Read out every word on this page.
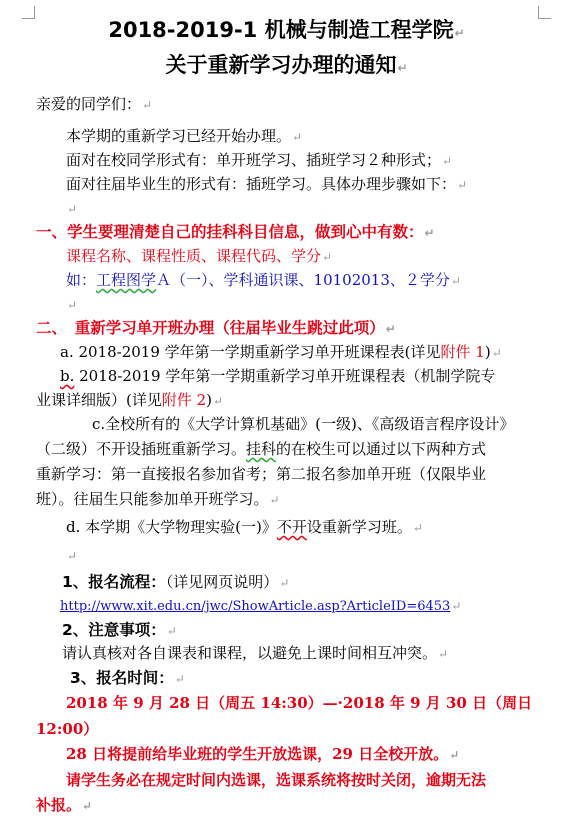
2018-2019-1 机械与制造工程学院↵
关于重新学习办理的通知↵
亲爱的同学们：↵
本学期的重新学习已经开始办理。↵
面对在校同学形式有：单开班学习、插班学习２种形式；↵
面对往届毕业生的形式有：插班学习。具体办理步骤如下：↵
↵
一、学生要理清楚自己的挂科科目信息，做到心中有数：↵
课程名称、课程性质、课程代码、学分↵
如：工程图学Ａ（一）、学科通识课、10102013、２学分↵
↵
二、　重新学习单开班办理（往届毕业生跳过此项）↵
a. 2018-2019 学年第一学期重新学习单开班课程表(详见附件 1)↵
b. 2018-2019 学年第一学期重新学习单开班课程表（机制学院专
业课详细版）(详见附件 2)↵
c.全校所有的《大学计算机基础》(一级)、《高级语言程序设计》
（二级）不开设插班重新学习。挂科的在校生可以通过以下两种方式
重新学习：第一直接报名参加省考；第二报名参加单开班（仅限毕业
班）。往届生只能参加单开班学习。↵
d. 本学期《大学物理实验(一)》不开设重新学习班。↵
↵
1、报名流程：（详见网页说明）↵
http://www.xit.edu.cn/jwc/ShowArticle.asp?ArticleID=6453↵
2、注意事项：↵
请认真核对各自课表和课程，以避免上课时间相互冲突。↵
3、报名时间：↵
2018 年 9 月 28 日（周五 14:30）—·2018 年 9 月 30 日（周日
12:00）
28 日将提前给毕业班的学生开放选课，29 日全校开放。↵
请学生务必在规定时间内选课，选课系统将按时关闭，逾期无法
补报。↵
